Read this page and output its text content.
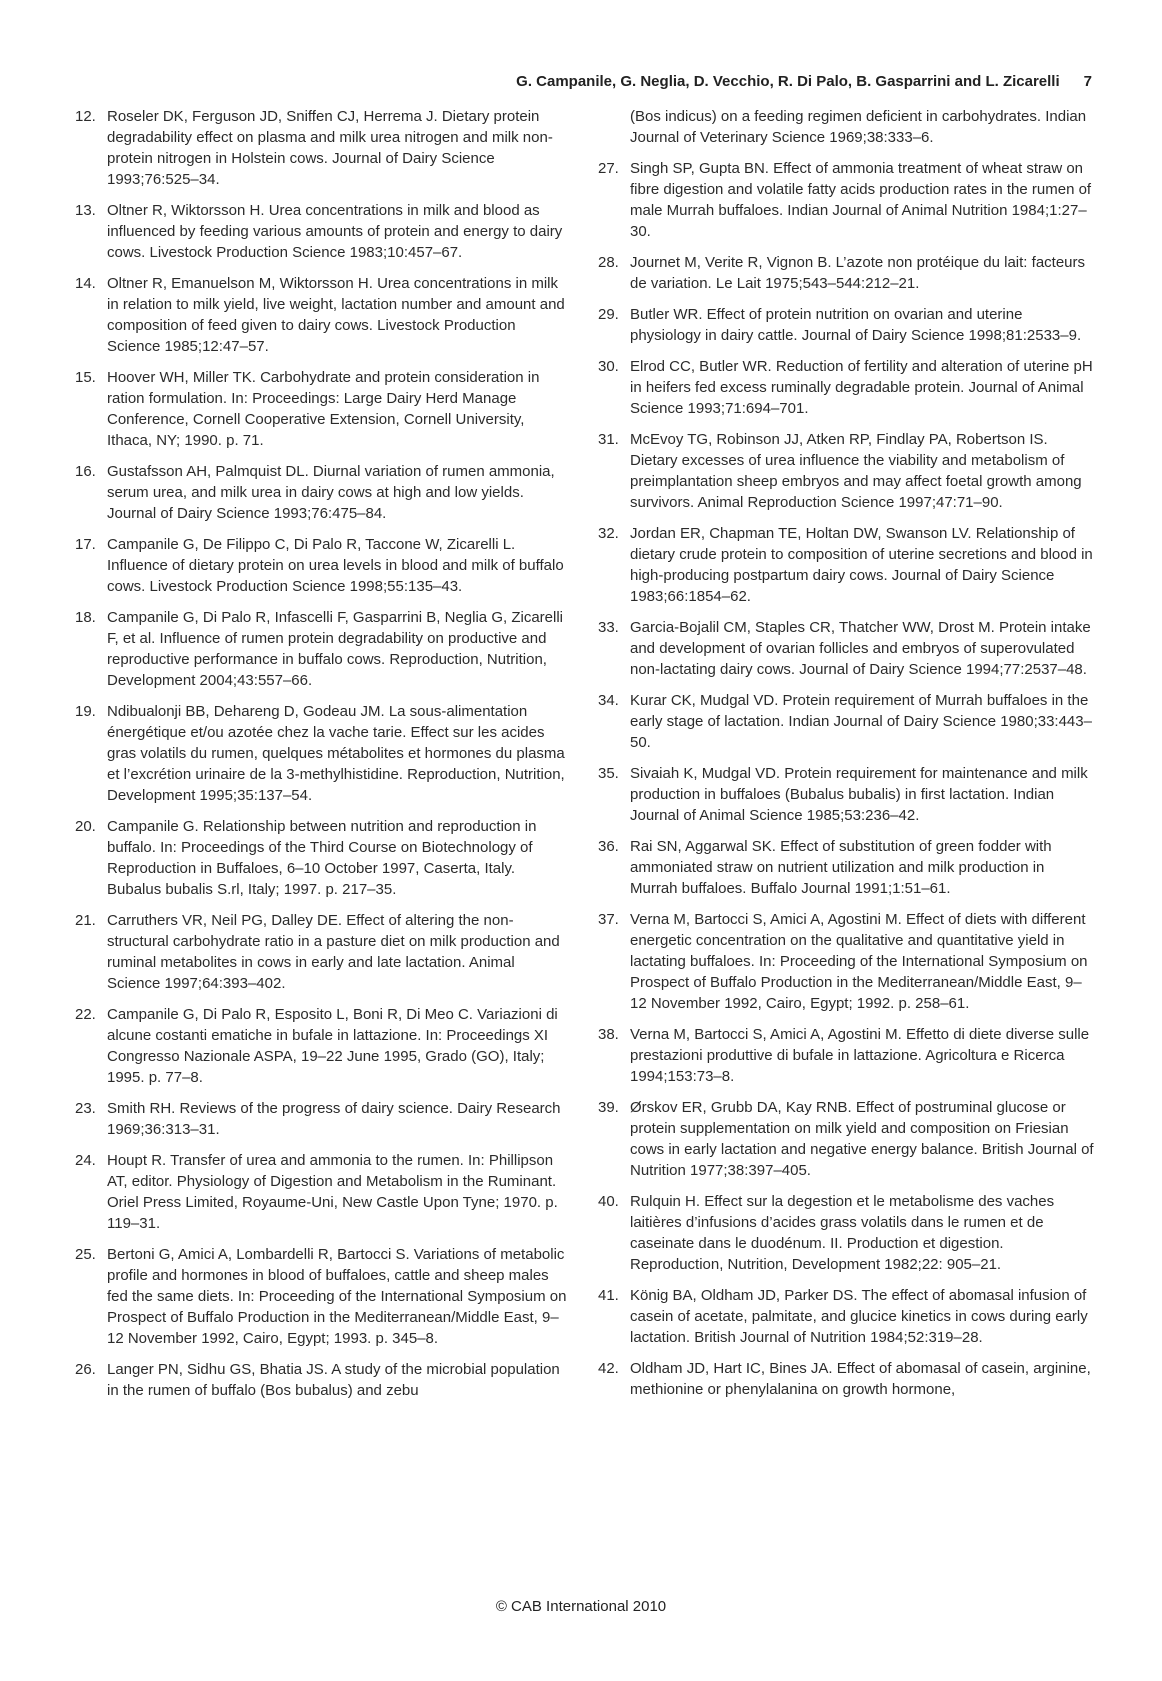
G. Campanile, G. Neglia, D. Vecchio, R. Di Palo, B. Gasparrini and L. Zicarelli 7
12. Roseler DK, Ferguson JD, Sniffen CJ, Herrema J. Dietary protein degradability effect on plasma and milk urea nitrogen and milk non-protein nitrogen in Holstein cows. Journal of Dairy Science 1993;76:525–34.
13. Oltner R, Wiktorsson H. Urea concentrations in milk and blood as influenced by feeding various amounts of protein and energy to dairy cows. Livestock Production Science 1983;10:457–67.
14. Oltner R, Emanuelson M, Wiktorsson H. Urea concentrations in milk in relation to milk yield, live weight, lactation number and amount and composition of feed given to dairy cows. Livestock Production Science 1985;12:47–57.
15. Hoover WH, Miller TK. Carbohydrate and protein consideration in ration formulation. In: Proceedings: Large Dairy Herd Manage Conference, Cornell Cooperative Extension, Cornell University, Ithaca, NY; 1990. p. 71.
16. Gustafsson AH, Palmquist DL. Diurnal variation of rumen ammonia, serum urea, and milk urea in dairy cows at high and low yields. Journal of Dairy Science 1993;76:475–84.
17. Campanile G, De Filippo C, Di Palo R, Taccone W, Zicarelli L. Influence of dietary protein on urea levels in blood and milk of buffalo cows. Livestock Production Science 1998;55:135–43.
18. Campanile G, Di Palo R, Infascelli F, Gasparrini B, Neglia G, Zicarelli F, et al. Influence of rumen protein degradability on productive and reproductive performance in buffalo cows. Reproduction, Nutrition, Development 2004;43:557–66.
19. Ndibualonji BB, Dehareng D, Godeau JM. La sous-alimentation énergétique et/ou azotée chez la vache tarie. Effect sur les acides gras volatils du rumen, quelques métabolites et hormones du plasma et l’excrétion urinaire de la 3-methylhistidine. Reproduction, Nutrition, Development 1995;35:137–54.
20. Campanile G. Relationship between nutrition and reproduction in buffalo. In: Proceedings of the Third Course on Biotechnology of Reproduction in Buffaloes, 6–10 October 1997, Caserta, Italy. Bubalus bubalis S.rl, Italy; 1997. p. 217–35.
21. Carruthers VR, Neil PG, Dalley DE. Effect of altering the non-structural carbohydrate ratio in a pasture diet on milk production and ruminal metabolites in cows in early and late lactation. Animal Science 1997;64:393–402.
22. Campanile G, Di Palo R, Esposito L, Boni R, Di Meo C. Variazioni di alcune costanti ematiche in bufale in lattazione. In: Proceedings XI Congresso Nazionale ASPA, 19–22 June 1995, Grado (GO), Italy; 1995. p. 77–8.
23. Smith RH. Reviews of the progress of dairy science. Dairy Research 1969;36:313–31.
24. Houpt R. Transfer of urea and ammonia to the rumen. In: Phillipson AT, editor. Physiology of Digestion and Metabolism in the Ruminant. Oriel Press Limited, Royaume-Uni, New Castle Upon Tyne; 1970. p. 119–31.
25. Bertoni G, Amici A, Lombardelli R, Bartocci S. Variations of metabolic profile and hormones in blood of buffaloes, cattle and sheep males fed the same diets. In: Proceeding of the International Symposium on Prospect of Buffalo Production in the Mediterranean/Middle East, 9–12 November 1992, Cairo, Egypt; 1993. p. 345–8.
26. Langer PN, Sidhu GS, Bhatia JS. A study of the microbial population in the rumen of buffalo (Bos bubalus) and zebu
(Bos indicus) on a feeding regimen deficient in carbohydrates. Indian Journal of Veterinary Science 1969;38:333–6.
27. Singh SP, Gupta BN. Effect of ammonia treatment of wheat straw on fibre digestion and volatile fatty acids production rates in the rumen of male Murrah buffaloes. Indian Journal of Animal Nutrition 1984;1:27–30.
28. Journet M, Verite R, Vignon B. L’azote non protéique du lait: facteurs de variation. Le Lait 1975;543–544:212–21.
29. Butler WR. Effect of protein nutrition on ovarian and uterine physiology in dairy cattle. Journal of Dairy Science 1998;81:2533–9.
30. Elrod CC, Butler WR. Reduction of fertility and alteration of uterine pH in heifers fed excess ruminally degradable protein. Journal of Animal Science 1993;71:694–701.
31. McEvoy TG, Robinson JJ, Atken RP, Findlay PA, Robertson IS. Dietary excesses of urea influence the viability and metabolism of preimplantation sheep embryos and may affect foetal growth among survivors. Animal Reproduction Science 1997;47:71–90.
32. Jordan ER, Chapman TE, Holtan DW, Swanson LV. Relationship of dietary crude protein to composition of uterine secretions and blood in high-producing postpartum dairy cows. Journal of Dairy Science 1983;66:1854–62.
33. Garcia-Bojalil CM, Staples CR, Thatcher WW, Drost M. Protein intake and development of ovarian follicles and embryos of superovulated non-lactating dairy cows. Journal of Dairy Science 1994;77:2537–48.
34. Kurar CK, Mudgal VD. Protein requirement of Murrah buffaloes in the early stage of lactation. Indian Journal of Dairy Science 1980;33:443–50.
35. Sivaiah K, Mudgal VD. Protein requirement for maintenance and milk production in buffaloes (Bubalus bubalis) in first lactation. Indian Journal of Animal Science 1985;53:236–42.
36. Rai SN, Aggarwal SK. Effect of substitution of green fodder with ammoniated straw on nutrient utilization and milk production in Murrah buffaloes. Buffalo Journal 1991;1:51–61.
37. Verna M, Bartocci S, Amici A, Agostini M. Effect of diets with different energetic concentration on the qualitative and quantitative yield in lactating buffaloes. In: Proceeding of the International Symposium on Prospect of Buffalo Production in the Mediterranean/Middle East, 9–12 November 1992, Cairo, Egypt; 1992. p. 258–61.
38. Verna M, Bartocci S, Amici A, Agostini M. Effetto di diete diverse sulle prestazioni produttive di bufale in lattazione. Agricoltura e Ricerca 1994;153:73–8.
39. Ørskov ER, Grubb DA, Kay RNB. Effect of postruminal glucose or protein supplementation on milk yield and composition on Friesian cows in early lactation and negative energy balance. British Journal of Nutrition 1977;38:397–405.
40. Rulquin H. Effect sur la degestion et le metabolisme des vaches laitières d’infusions d’acides grass volatils dans le rumen et de caseinate dans le duodénum. II. Production et digestion. Reproduction, Nutrition, Development 1982;22: 905–21.
41. König BA, Oldham JD, Parker DS. The effect of abomasal infusion of casein of acetate, palmitate, and glucice kinetics in cows during early lactation. British Journal of Nutrition 1984;52:319–28.
42. Oldham JD, Hart IC, Bines JA. Effect of abomasal of casein, arginine, methionine or phenylalanina on growth hormone,
© CAB International 2010
